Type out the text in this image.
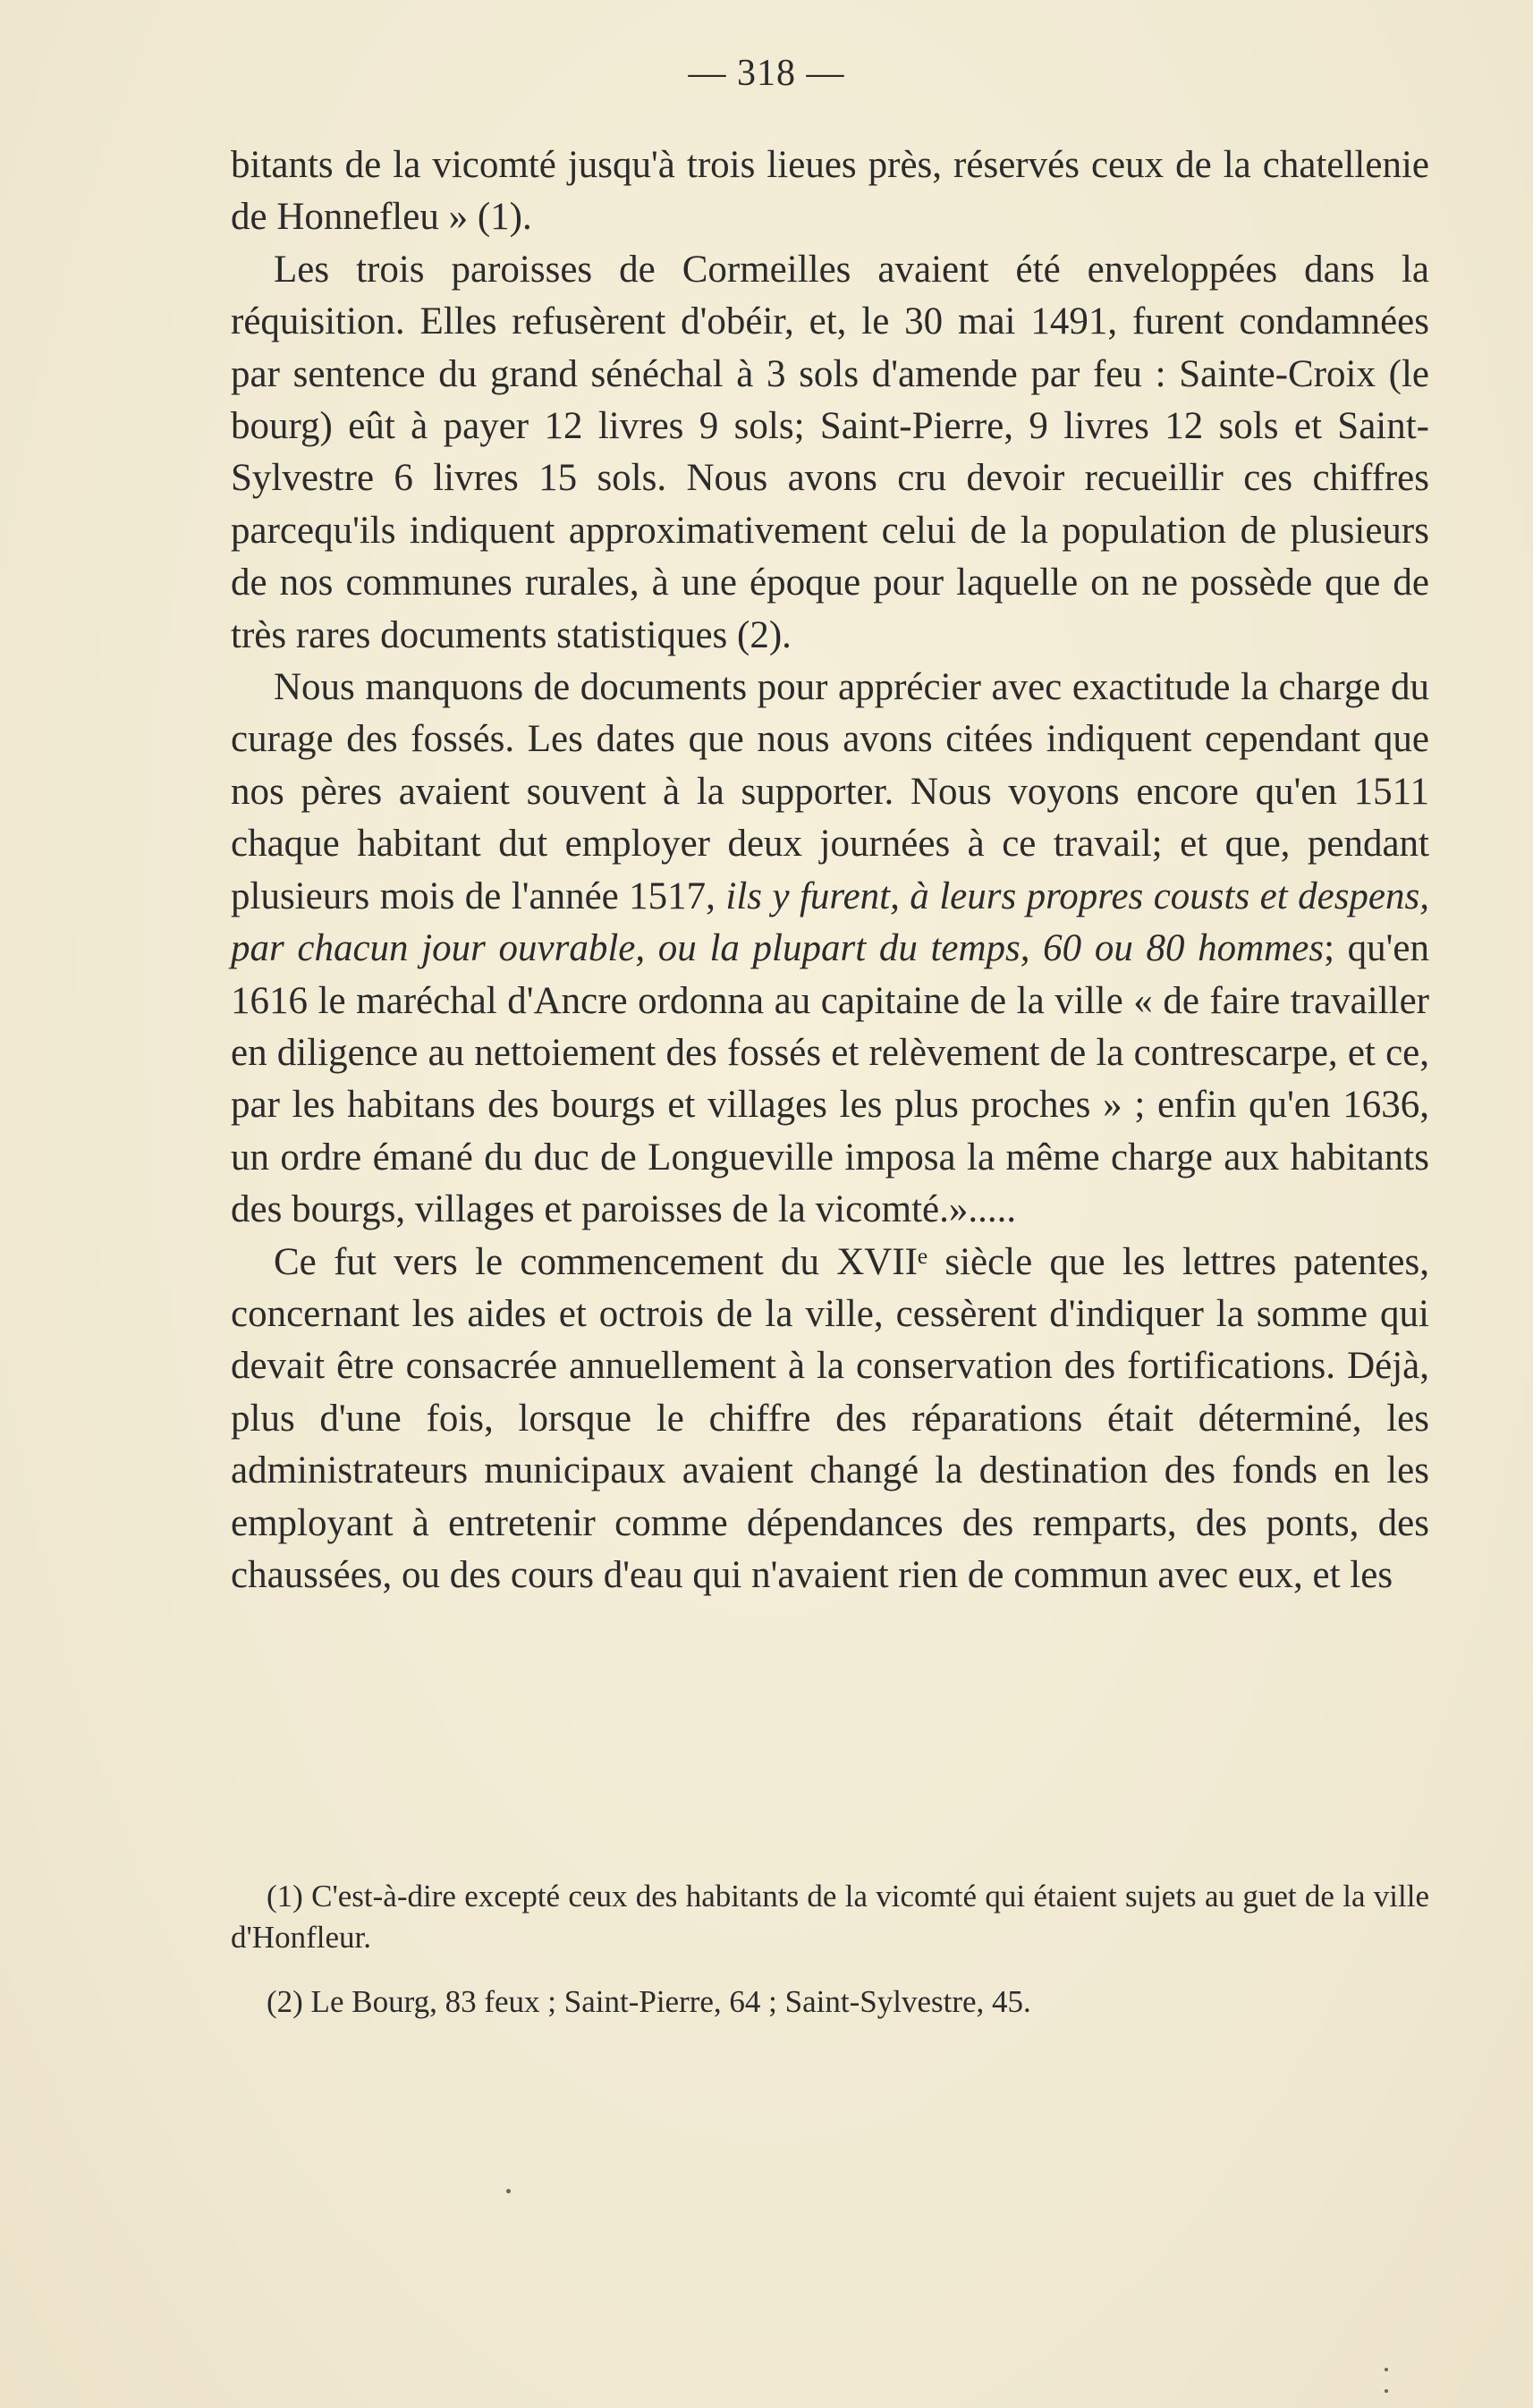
— 318 —

bitants de la vicomté jusqu'à trois lieues près, réservés ceux de la chatellenie de Honnefleu » (1).

Les trois paroisses de Cormeilles avaient été enveloppées dans la réquisition. Elles refusèrent d'obéir, et, le 30 mai 1491, furent condamnées par sentence du grand sénéchal à 3 sols d'amende par feu : Sainte-Croix (le bourg) eût à payer 12 livres 9 sols; Saint-Pierre, 9 livres 12 sols et Saint-Sylvestre 6 livres 15 sols. Nous avons cru devoir recueillir ces chiffres parcequ'ils indiquent approximativement celui de la population de plusieurs de nos communes rurales, à une époque pour laquelle on ne possède que de très rares documents statistiques (2).

Nous manquons de documents pour apprécier avec exactitude la charge du curage des fossés. Les dates que nous avons citées indiquent cependant que nos pères avaient souvent à la supporter. Nous voyons encore qu'en 1511 chaque habitant dut employer deux journées à ce travail; et que, pendant plusieurs mois de l'année 1517, ils y furent, à leurs propres cousts et despens, par chacun jour ouvrable, ou la plupart du temps, 60 ou 80 hommes; qu'en 1616 le maréchal d'Ancre ordonna au capitaine de la ville « de faire travailler en diligence au nettoiement des fossés et relèvement de la contrescarpe, et ce, par les habitans des bourgs et villages les plus proches » ; enfin qu'en 1636, un ordre émané du duc de Longueville imposa la même charge aux habitants des bourgs, villages et paroisses de la vicomté.».....

Ce fut vers le commencement du XVIIᵉ siècle que les lettres patentes, concernant les aides et octrois de la ville, cessèrent d'indiquer la somme qui devait être consacrée annuellement à la conservation des fortifications. Déjà, plus d'une fois, lorsque le chiffre des réparations était déterminé, les administrateurs municipaux avaient changé la destination des fonds en les employant à entretenir comme dépendances des remparts, des ponts, des chaussées, ou des cours d'eau qui n'avaient rien de commun avec eux, et les

(1) C'est-à-dire excepté ceux des habitants de la vicomté qui étaient sujets au guet de la ville d'Honfleur.

(2) Le Bourg, 83 feux ; Saint-Pierre, 64 ; Saint-Sylvestre, 45.
